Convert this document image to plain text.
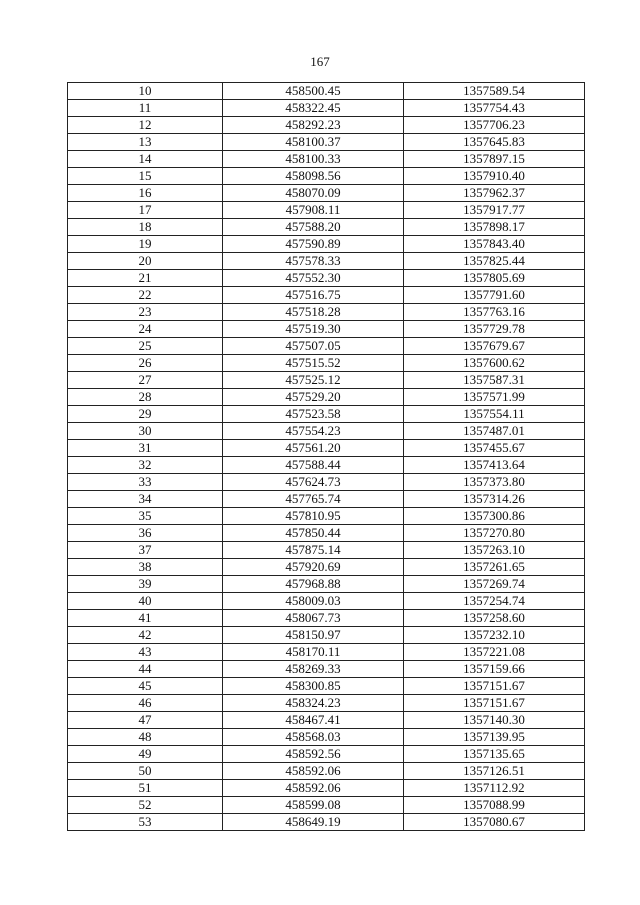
167
10	458500.45	1357589.54
11	458322.45	1357754.43
12	458292.23	1357706.23
13	458100.37	1357645.83
14	458100.33	1357897.15
15	458098.56	1357910.40
16	458070.09	1357962.37
17	457908.11	1357917.77
18	457588.20	1357898.17
19	457590.89	1357843.40
20	457578.33	1357825.44
21	457552.30	1357805.69
22	457516.75	1357791.60
23	457518.28	1357763.16
24	457519.30	1357729.78
25	457507.05	1357679.67
26	457515.52	1357600.62
27	457525.12	1357587.31
28	457529.20	1357571.99
29	457523.58	1357554.11
30	457554.23	1357487.01
31	457561.20	1357455.67
32	457588.44	1357413.64
33	457624.73	1357373.80
34	457765.74	1357314.26
35	457810.95	1357300.86
36	457850.44	1357270.80
37	457875.14	1357263.10
38	457920.69	1357261.65
39	457968.88	1357269.74
40	458009.03	1357254.74
41	458067.73	1357258.60
42	458150.97	1357232.10
43	458170.11	1357221.08
44	458269.33	1357159.66
45	458300.85	1357151.67
46	458324.23	1357151.67
47	458467.41	1357140.30
48	458568.03	1357139.95
49	458592.56	1357135.65
50	458592.06	1357126.51
51	458592.06	1357112.92
52	458599.08	1357088.99
53	458649.19	1357080.67
